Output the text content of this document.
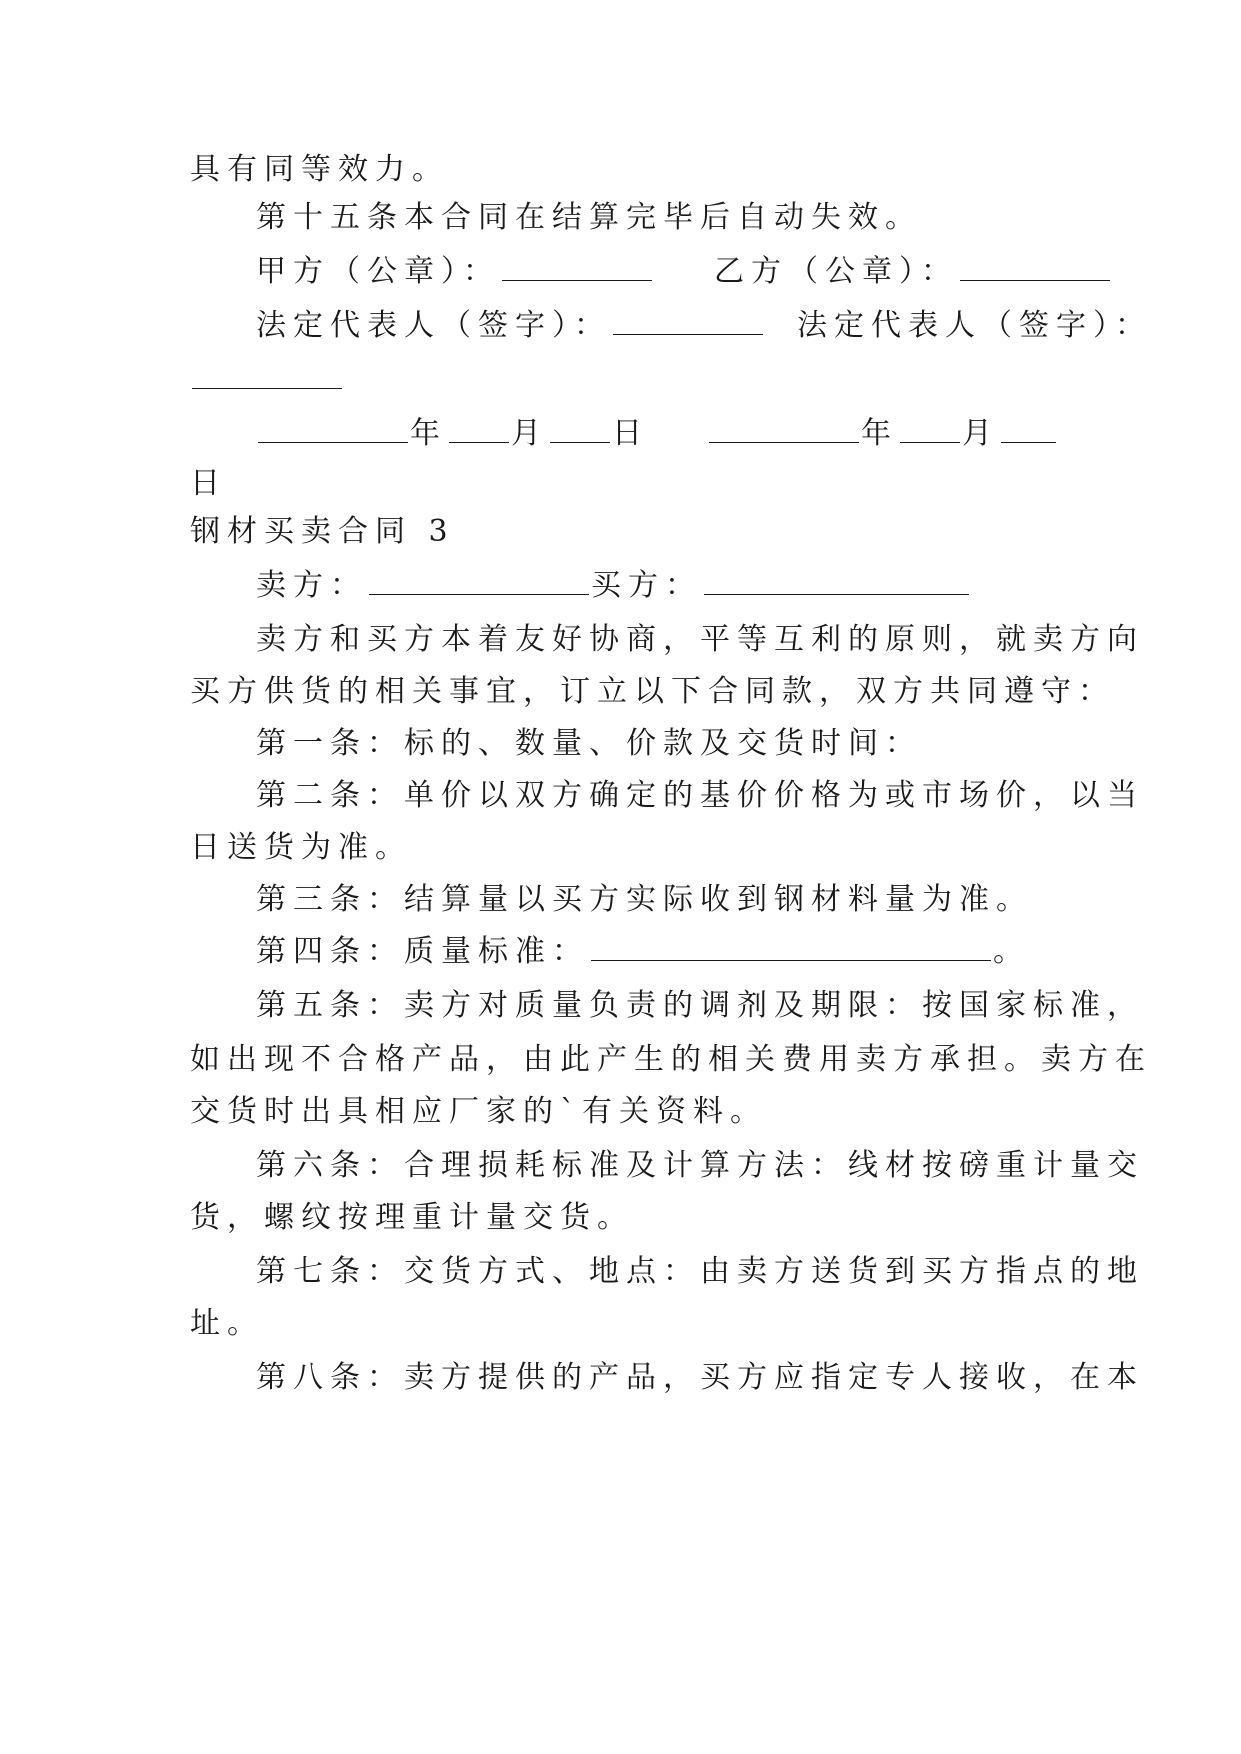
具有同等效力。
第十五条本合同在结算完毕后自动失效。
甲方（公章）：	乙方（公章）：
法定代表人（签字）：	法定代表人（签字）：
年 月 日	年 月
日
钢材买卖合同 3
卖方：	买方：
卖方和买方本着友好协商，平等互利的原则，就卖方向
买方供货的相关事宜，订立以下合同款，双方共同遵守：
第一条：标的、数量、价款及交货时间：
第二条：单价以双方确定的基价价格为或市场价，以当
日送货为准。
第三条：结算量以买方实际收到钢材料量为准。
第四条：质量标准：	。
第五条：卖方对质量负责的调剂及期限：按国家标准，
如出现不合格产品，由此产生的相关费用卖方承担。卖方在
交货时出具相应厂家的`有关资料。
第六条：合理损耗标准及计算方法：线材按磅重计量交
货，螺纹按理重计量交货。
第七条：交货方式、地点：由卖方送货到买方指点的地
址。
第八条：卖方提供的产品，买方应指定专人接收，在本
